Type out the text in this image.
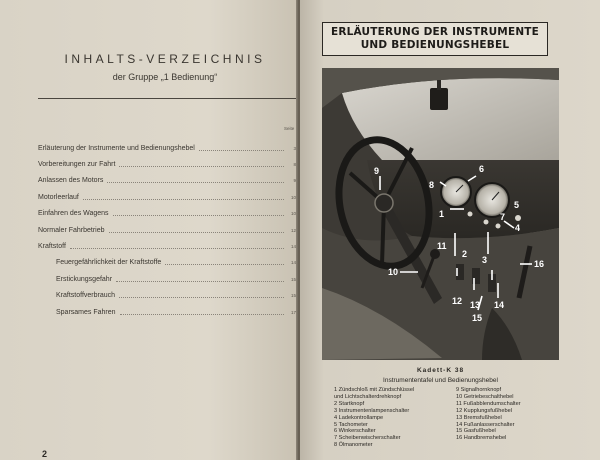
INHALTS-VERZEICHNIS
der Gruppe „1 Bedienung“
Seite
Erläuterung der Instrumente und Bedienungshebel	3
Vorbereitungen zur Fahrt	8
Anlassen des Motors	9
Motorleerlauf	10
Einfahren des Wagens	10
Normaler Fahrbetrieb	12
Kraftstoff	14
Feuergefährlichkeit der Kraftstoffe	14
Erstickungsgefahr	15
Kraftstoffverbrauch	15
Sparsames Fahren	17
2
ERLÄUTERUNG DER INSTRUMENTE
UND BEDIENUNGSHEBEL
1
2
3
4
5
6
7
8
9
10
11
12 13 14
15
16
Kadett-K 38
Instrumententafel und Bedienungshebel
1 Zündschloß mit Zündschlüssel
und Lichtschalterdrehknopf
2 Startknopf
3 Instrumentenlampenschalter
4 Ladekontrollampe
5 Tachometer
6 Winkerschalter
7 Scheibenwischerschalter
8 Ölmanometer
9 Signalhornknopf
10 Getriebeschalthebel
11 Fußabblendumschalter
12 Kupplungsfußhebel
13 Bremsfußhebel
14 Fußanlasserschalter
15 Gasfußhebel
16 Handbremshebel
